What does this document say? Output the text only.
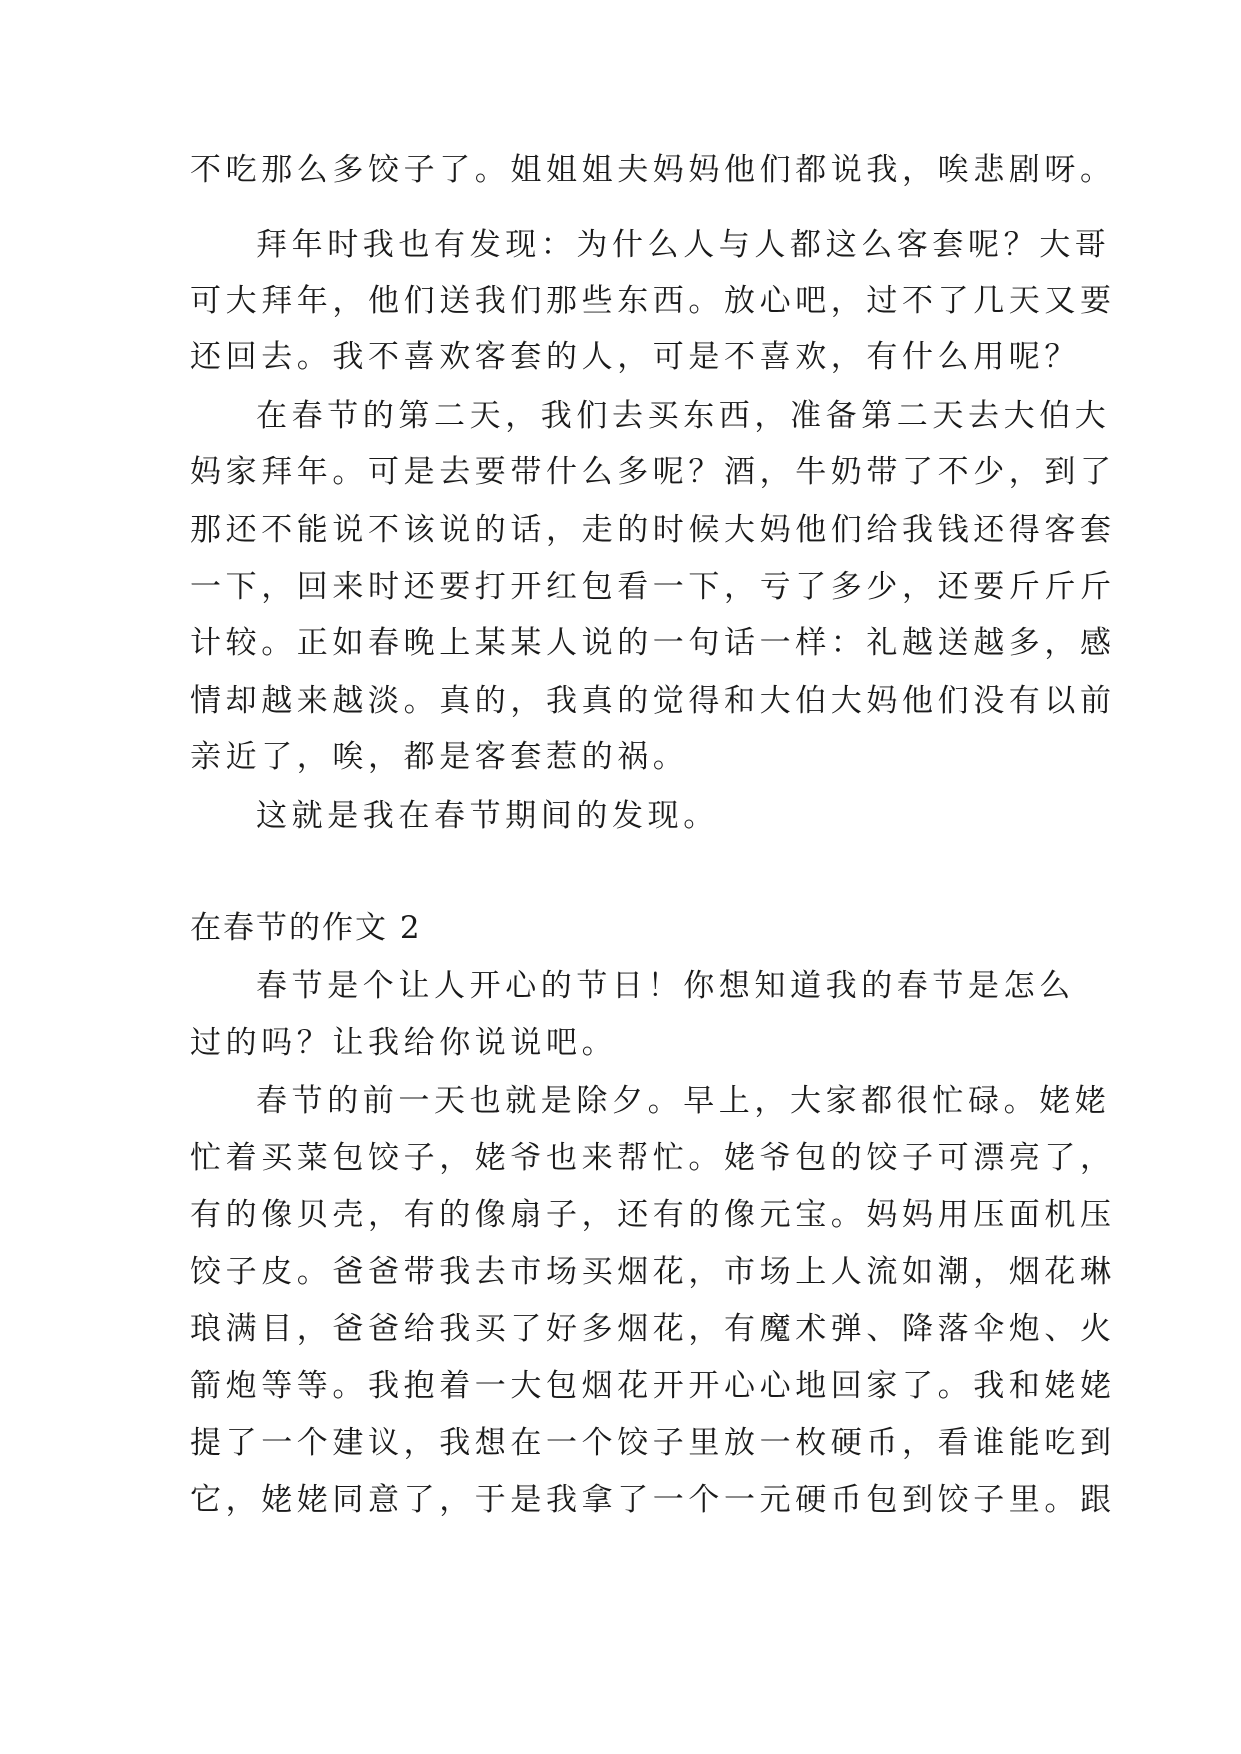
不吃那么多饺子了。姐姐姐夫妈妈他们都说我，唉悲剧呀。
拜年时我也有发现：为什么人与人都这么客套呢？大哥
可大拜年，他们送我们那些东西。放心吧，过不了几天又要
还回去。我不喜欢客套的人，可是不喜欢，有什么用呢？
在春节的第二天，我们去买东西，准备第二天去大伯大
妈家拜年。可是去要带什么多呢？酒，牛奶带了不少，到了
那还不能说不该说的话，走的时候大妈他们给我钱还得客套
一下，回来时还要打开红包看一下，亏了多少，还要斤斤斤
计较。正如春晚上某某人说的一句话一样：礼越送越多，感
情却越来越淡。真的，我真的觉得和大伯大妈他们没有以前
亲近了，唉，都是客套惹的祸。
这就是我在春节期间的发现。
在春节的作文 2
春节是个让人开心的节日！你想知道我的春节是怎么
过的吗？让我给你说说吧。
春节的前一天也就是除夕。早上，大家都很忙碌。姥姥
忙着买菜包饺子，姥爷也来帮忙。姥爷包的饺子可漂亮了，
有的像贝壳，有的像扇子，还有的像元宝。妈妈用压面机压
饺子皮。爸爸带我去市场买烟花，市场上人流如潮，烟花琳
琅满目，爸爸给我买了好多烟花，有魔术弹、降落伞炮、火
箭炮等等。我抱着一大包烟花开开心心地回家了。我和姥姥
提了一个建议，我想在一个饺子里放一枚硬币，看谁能吃到
它，姥姥同意了，于是我拿了一个一元硬币包到饺子里。跟
